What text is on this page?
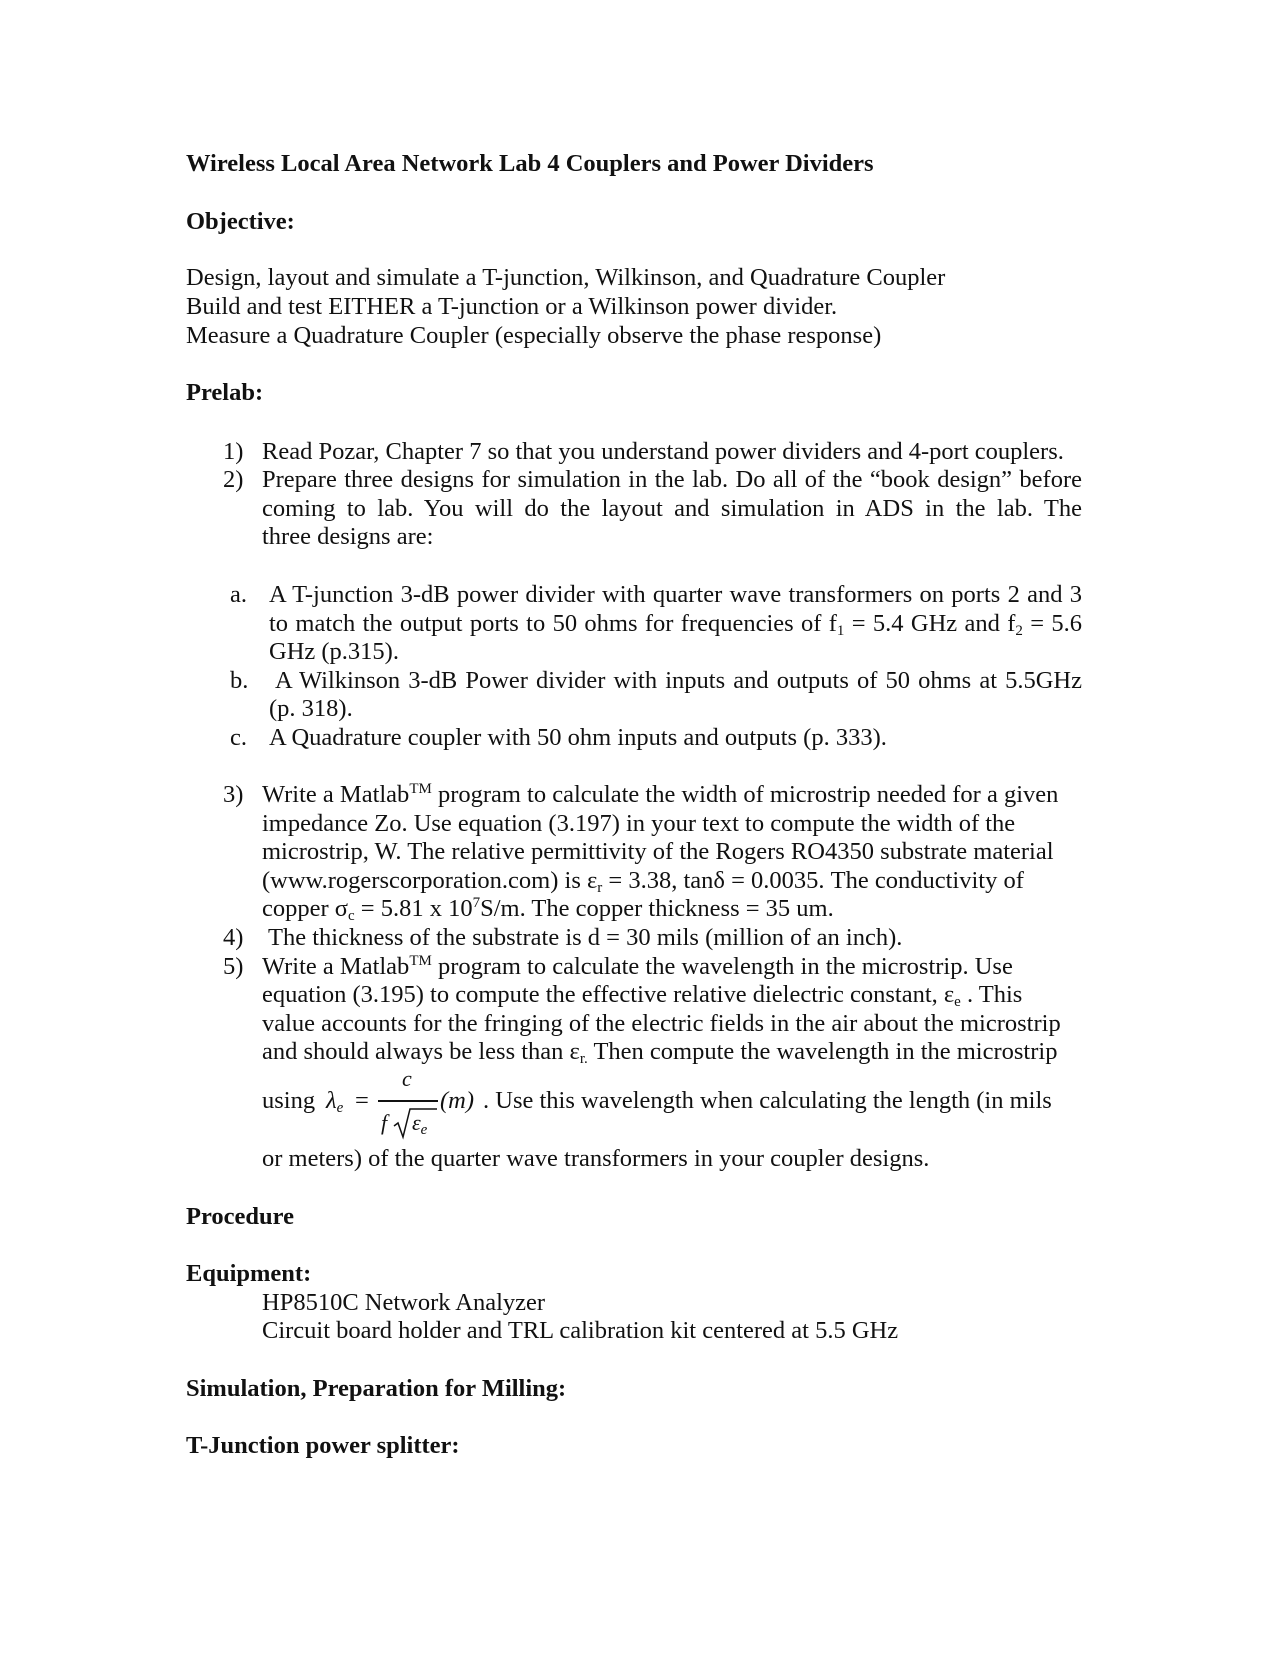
Wireless Local Area Network Lab 4 Couplers and Power Dividers
Objective:
Design, layout and simulate a T-junction, Wilkinson, and Quadrature Coupler
Build and test EITHER a T-junction or a Wilkinson power divider.
Measure a Quadrature Coupler (especially observe the phase response)
Prelab:
1) Read Pozar, Chapter 7 so that you understand power dividers and 4-port couplers.
2) Prepare three designs for simulation in the lab. Do all of the “book design” before
coming to lab. You will do the layout and simulation in ADS in the lab. The
three designs are:
a. A T-junction 3-dB power divider with quarter wave transformers on ports 2 and 3
to match the output ports to 50 ohms for frequencies of $f_1 = 5.4$ GHz and $f_2 = 5.6$
GHz (p.315).
b. A Wilkinson 3-dB Power divider with inputs and outputs of 50 ohms at 5.5GHz
(p. 318).
c. A Quadrature coupler with 50 ohm inputs and outputs (p. 333).
3) Write a Matlab™ program to calculate the width of microstrip needed for a given
impedance Zo. Use equation (3.197) in your text to compute the width of the
microstrip, W. The relative permittivity of the Rogers RO4350 substrate material
(www.rogerscorporation.com) is $\varepsilon_r = 3.38$, tanδ = 0.0035. The conductivity of
copper $\sigma_c = 5.81$ x $10^7S/m$. The copper thickness = 35 um.
4) The thickness of the substrate is d = 30 mils (million of an inch).
5) Write a Matlab™ program to calculate the wavelength in the microstrip. Use
equation (3.195) to compute the effective relative dielectric constant, $\varepsilon_e$ . This
value accounts for the fringing of the electric fields in the air about the microstrip
and should always be less than $\varepsilon_{r.}$ Then compute the wavelength in the microstrip
using $\lambda_e$ =
c
f $\varepsilon_e$
(m) . Use this wavelength when calculating the length (in mils
or meters) of the quarter wave transformers in your coupler designs.
Procedure
Equipment:
HP8510C Network Analyzer
Circuit board holder and TRL calibration kit centered at 5.5 GHz
Simulation, Preparation for Milling:
T-Junction power splitter:
